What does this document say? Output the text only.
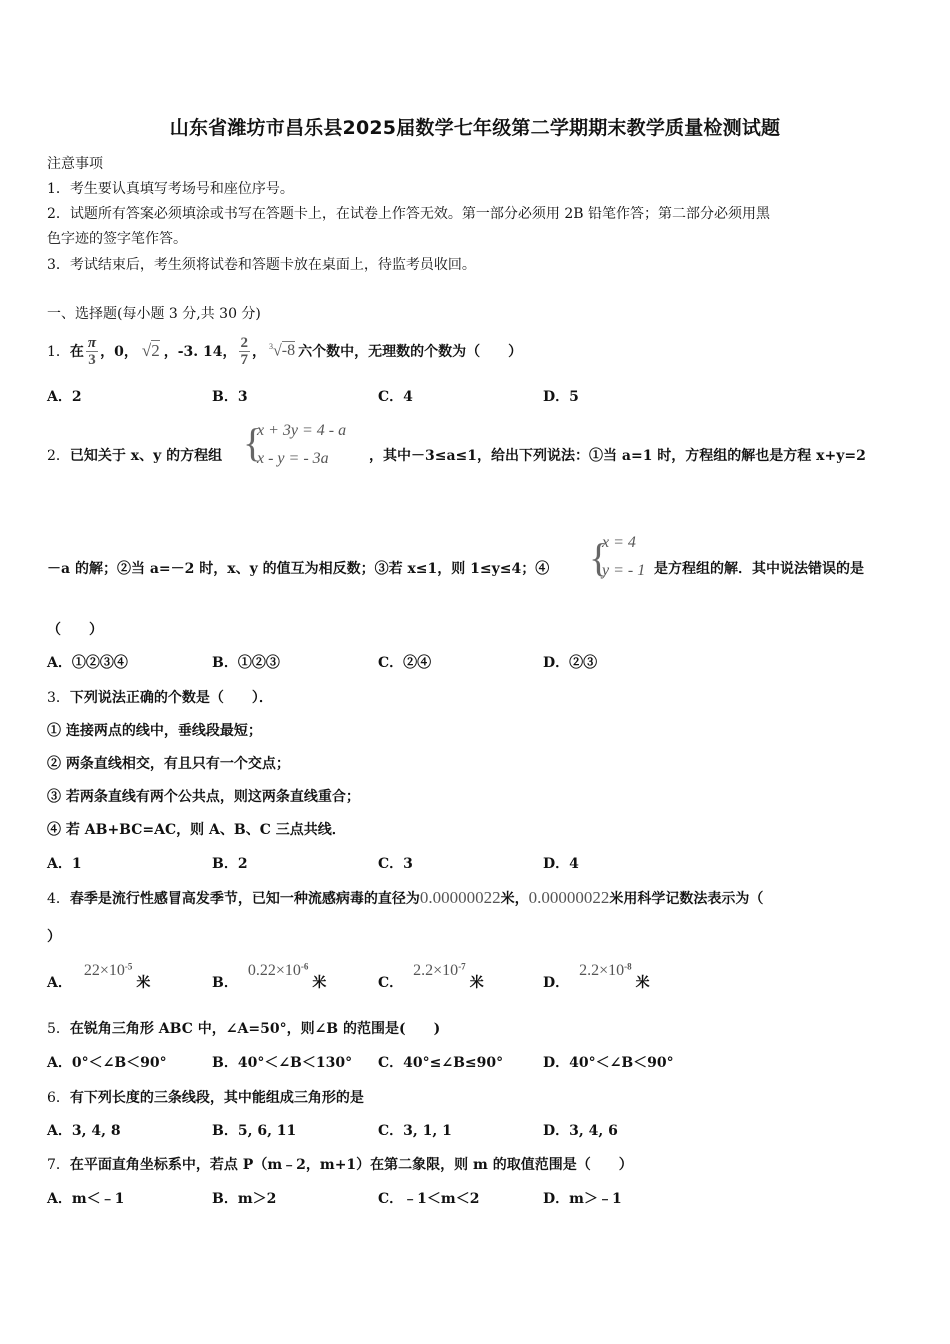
山东省潍坊市昌乐县2025届数学七年级第二学期期末教学质量检测试题
注意事项
1．考生要认真填写考场号和座位序号。
2．试题所有答案必须填涂或书写在答题卡上，在试卷上作答无效。第一部分必须用 2B 铅笔作答；第二部分必须用黑
色字迹的签字笔作答。
3．考试结束后，考生须将试卷和答题卡放在桌面上，待监考员收回。
一、选择题(每小题 3 分,共 30 分)
1． 在 $\frac{\pi}{3}$ ，0， √2 ，-3. 14， $\frac{2}{7}$ ， $^3$√-8 六个数中，无理数的个数为（　　）
A．2	B．3	C．4	D．5
2．已知关于 x、y 的方程组 {
x + 3y = 4 - a
x - y = - 3a	，其中－3≤a≤1，给出下列说法：①当 a=1 时，方程组的解也是方程 x+y=2
－a 的解；②当 a=－2 时，x、y 的值互为相反数；③若 x≤1，则 1≤y≤4；④ {
x = 4
y = - 1 是方程组的解．其中说法错误的是
（　　）
A．①②③④	B．①②③	C．②④	D．②③
3．下列说法正确的个数是（　　）．
① 连接两点的线中，垂线段最短；
② 两条直线相交，有且只有一个交点；
③ 若两条直线有两个公共点，则这两条直线重合；
④ 若 AB+BC=AC，则 A、B、C 三点共线．
A．1	B．2	C．3	D．4
4． 春季是流行性感冒高发季节，已知一种流感病毒的直径为 0.00000022 米， 0.00000022 米用科学记数法表示为（
）
A．$22\times 10^{-5}$米	B．$0.22\times 10^{-6}$米	C．$2.2\times 10^{-7}$米	D．$2.2\times 10^{-8}$米
5．在锐角三角形 ABC 中，∠A=50°，则∠B 的范围是(　　)
A．0°＜∠B＜90°	B．40°＜∠B＜130° C．40°≤∠B≤90°	D．40°＜∠B＜90°
6．有下列长度的三条线段，其中能组成三角形的是
A．3, 4, 8	B．5, 6, 11	C．3, 1, 1	D．3, 4, 6
7．在平面直角坐标系中，若点 P（m﹣2，m+1）在第二象限，则 m 的取值范围是（　　）
A．m＜﹣1	B．m＞2	C．﹣1＜m＜2	D．m＞﹣1
